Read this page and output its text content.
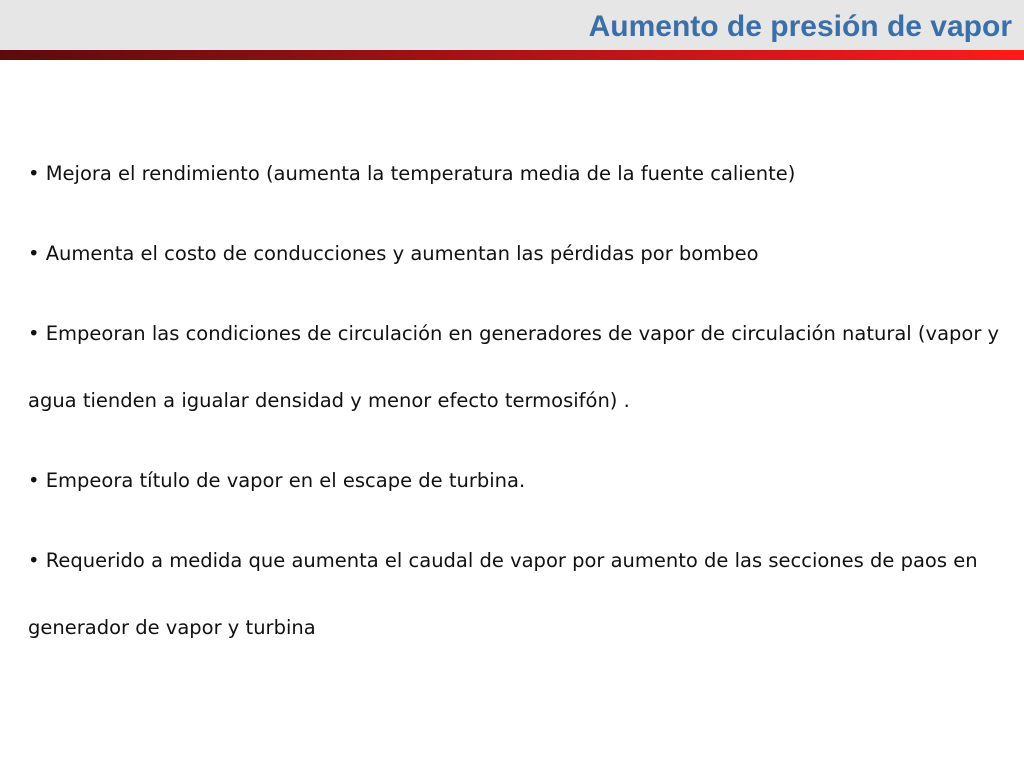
Aumento de presión de vapor
• Mejora el rendimiento (aumenta la temperatura media de la fuente caliente)
• Aumenta el costo de conducciones y aumentan las pérdidas por bombeo
• Empeoran las condiciones de circulación en generadores de vapor de circulación natural (vapor y agua tienden a igualar densidad y menor efecto termosifón) .
• Empeora título de vapor en el escape de turbina.
• Requerido a medida que aumenta el caudal de vapor por aumento de las secciones de paos en generador de vapor y turbina
